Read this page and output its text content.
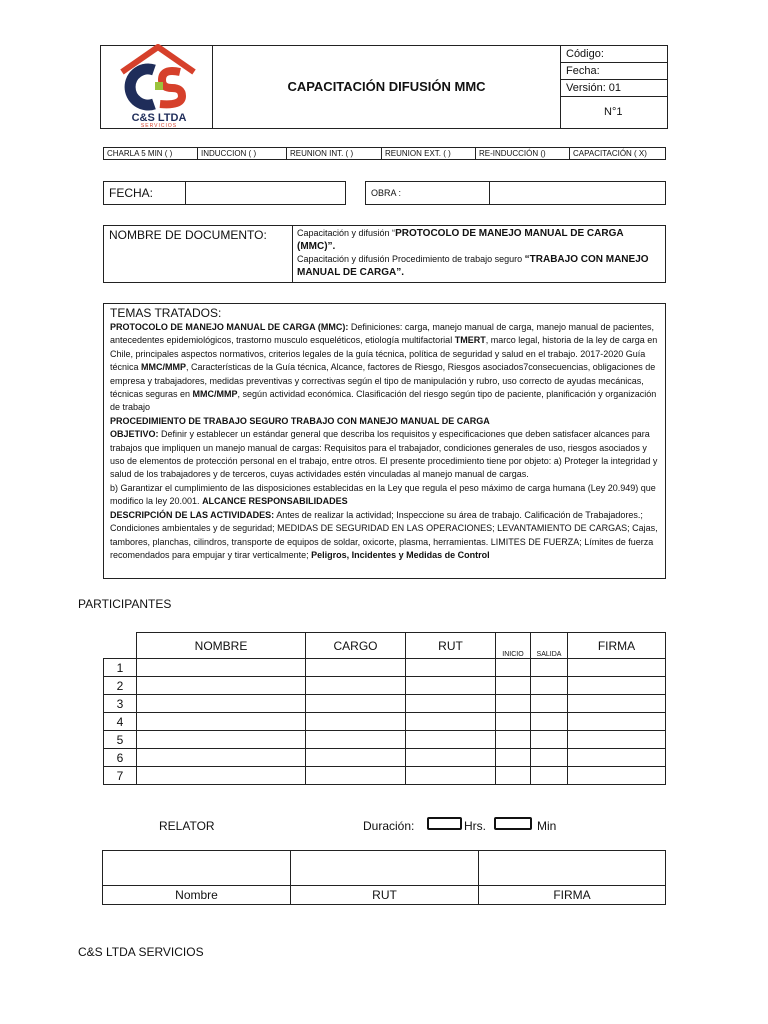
C&S LTDA
SERVICIOS
CAPACITACIÓN DIFUSIÓN MMC
Código:
Fecha:
Versión: 01
N°1
CHARLA 5 MIN ( )	INDUCCION ( )	REUNION INT. ( )	REUNION EXT. ( )	RE-INDUCCIÓN ()	CAPACITACIÓN ( X)
FECHA:	OBRA :
NOMBRE DE DOCUMENTO:	Capacitación y difusión “PROTOCOLO DE MANEJO MANUAL DE CARGA (MMC)”.
Capacitación y difusión Procedimiento de trabajo seguro “TRABAJO CON MANEJO MANUAL DE CARGA”.
TEMAS TRATADOS:

PROTOCOLO DE MANEJO MANUAL DE CARGA (MMC): Definiciones: carga, manejo manual de carga, manejo manual de pacientes, antecedentes epidemiológicos, trastorno musculo esqueléticos, etiología multifactorial TMERT, marco legal, historia de la ley de carga en Chile, principales aspectos normativos, criterios legales de la guía técnica, política de seguridad y salud en el trabajo. 2017-2020 Guía técnica MMC/MMP, Características de la Guía técnica, Alcance, factores de Riesgo, Riesgos asociados7consecuencias, obligaciones de empresa y trabajadores, medidas preventivas y correctivas según el tipo de manipulación y rubro, uso correcto de ayudas mecánicas, técnicas seguras en MMC/MMP, según actividad económica. Clasificación del riesgo según tipo de paciente, planificación y organización de trabajo

PROCEDIMIENTO DE TRABAJO SEGURO TRABAJO CON MANEJO MANUAL DE CARGA

OBJETIVO: Definir y establecer un estándar general que describa los requisitos y especificaciones que deben satisfacer alcances para trabajos que impliquen un manejo manual de cargas: Requisitos para el trabajador, condiciones generales de uso, riesgos asociados y uso de elementos de protección personal en el trabajo, entre otros. El presente procedimiento tiene por objeto: a) Proteger la integridad y salud de los trabajadores y de terceros, cuyas actividades estén vinculadas al manejo manual de cargas.

b) Garantizar el cumplimiento de las disposiciones establecidas en la Ley que regula el peso máximo de carga humana (Ley 20.949) que modifico la ley 20.001. ALCANCE RESPONSABILIDADES

DESCRIPCIÓN DE LAS ACTIVIDADES: Antes de realizar la actividad; Inspeccione su área de trabajo. Calificación de Trabajadores.; Condiciones ambientales y de seguridad; MEDIDAS DE SEGURIDAD EN LAS OPERACIONES; LEVANTAMIENTO DE CARGAS; Cajas, tambores, planchas, cilindros, transporte de equipos de soldar, oxicorte, plasma, herramientas. LIMITES DE FUERZA; Límites de fuerza recomendados para empujar y tirar verticalmente; Peligros, Incidentes y Medidas de Control

PARTICIPANTES
	NOMBRE	CARGO	RUT	INICIO	SALIDA	FIRMA
1						
2						
3						
4						
5						
6						
7						
RELATOR	Duración:	Hrs.	Min

Nombre	RUT	FIRMA
C&S LTDA SERVICIOS
